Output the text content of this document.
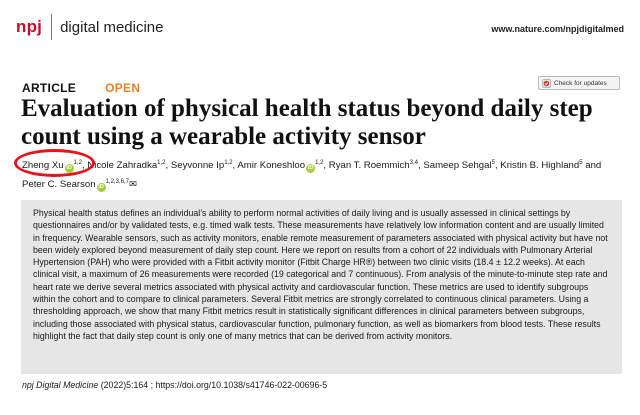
npj digital medicine	www.nature.com/npjdigitalmed
ARTICLE OPEN	Check for updates
Evaluation of physical health status beyond daily step count using a wearable activity sensor
Zheng Xu iD$^{1,2}$, Nicole Zahradka$^{1,2}$, Seyvonne Ip$^{1,2}$, Amir Koneshloo iD$^{1,2}$, Ryan T. Roemmich$^{3,4}$, Sameep Sehgal$^5$, Kristin B. Highland$^5$ and Peter C. Searson iD$^{1,2,3,6,7}$✉

Physical health status defines an individual’s ability to perform normal activities of daily living and is usually assessed in clinical settings by questionnaires and/or by validated tests, e.g. timed walk tests. These measurements have relatively low information content and are usually limited in frequency. Wearable sensors, such as activity monitors, enable remote measurement of parameters associated with physical activity but have not been widely explored beyond measurement of daily step count. Here we report on results from a cohort of 22 individuals with Pulmonary Arterial Hypertension (PAH) who were provided with a Fitbit activity monitor (Fitbit Charge HR®) between two clinic visits (18.4 ± 12.2 weeks). At each clinical visit, a maximum of 26 measurements were recorded (19 categorical and 7 continuous). From analysis of the minute-to-minute step rate and heart rate we derive several metrics associated with physical activity and cardiovascular function. These metrics are used to identify subgroups within the cohort and to compare to clinical parameters. Several Fitbit metrics are strongly correlated to continuous clinical parameters. Using a thresholding approach, we show that many Fitbit metrics result in statistically significant differences in clinical parameters between subgroups, including those associated with physical status, cardiovascular function, pulmonary function, as well as biomarkers from blood tests. These results highlight the fact that daily step count is only one of many metrics that can be derived from activity monitors.

npj Digital Medicine (2022)5:164 ; https://doi.org/10.1038/s41746-022-00696-5
